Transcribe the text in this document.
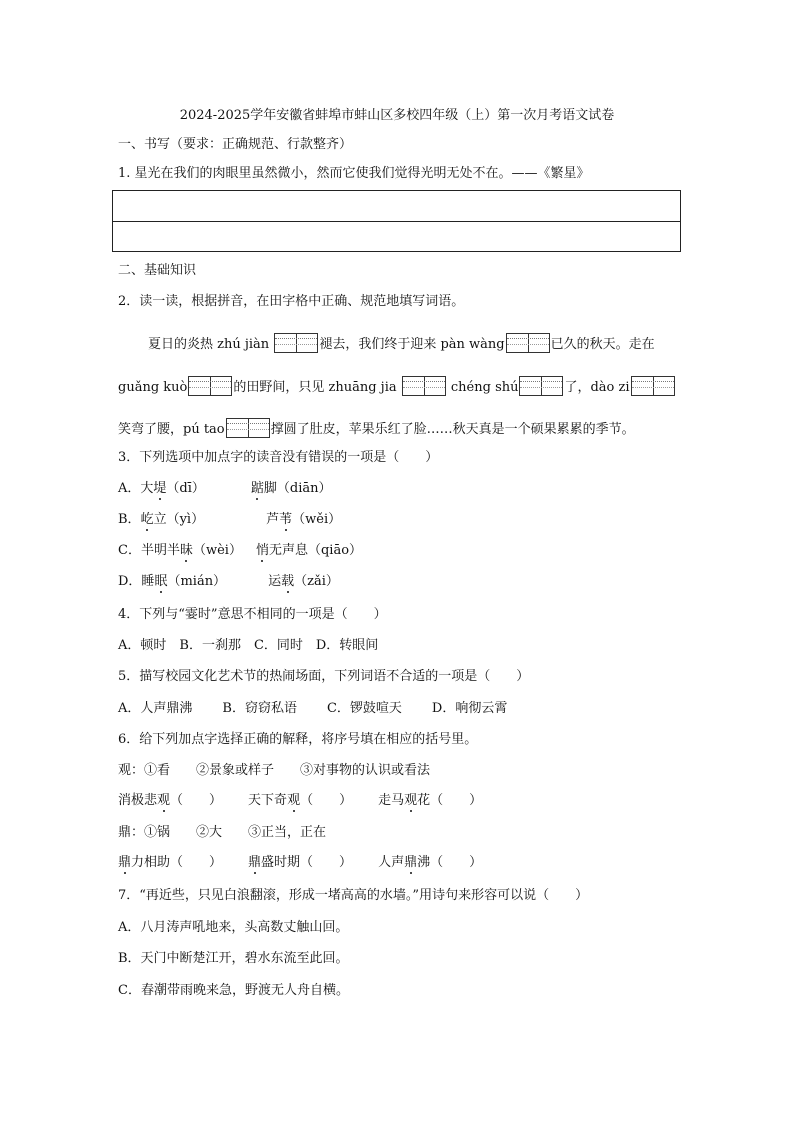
2024-2025学年安徽省蚌埠市蚌山区多校四年级（上）第一次月考语文试卷
一、书写（要求：正确规范、行款整齐）
1. 星光在我们的肉眼里虽然微小，然而它使我们觉得光明无处不在。——《繁星》
二、基础知识
2．读一读，根据拼音，在田字格中正确、规范地填写词语。
夏日的炎热 zhú jiàn	褪去，我们终于迎来 pàn wàng	已久的秋天。走在
guǎng kuò	的田野间，只见 zhuāng jia	chéng shú	了，dào zi
笑弯了腰，pú tao	撑圆了肚皮，苹果乐红了脸……秋天真是一个硕果累累的季节。
3．下列选项中加点字的读音没有错误的一项是（　　）
A．大堤（dī）	踮脚（diān）
B．屹立（yì）	芦苇（wěi）
C．半明半昧（wèi） 悄无声息（qiāo）
D．睡眠（mián）	运载（zǎi）
4．下列与“霎时”意思不相同的一项是（　　）
A．顿时　B．一刹那　C．同时　D．转眼间
5．描写校园文化艺术节的热闹场面，下列词语不合适的一项是（　　）
A．人声鼎沸 B．窃窃私语 C．锣鼓喧天 D．响彻云霄
6．给下列加点字选择正确的解释，将序号填在相应的括号里。
观：①看　　②景象或样子　　③对事物的认识或看法
消极悲观（　　） 天下奇观（　　） 走马观花（　　）
鼎：①锅　　②大　　③正当，正在
鼎力相助（　　） 鼎盛时期（　　） 人声鼎沸（　　）
7．“再近些，只见白浪翻滚，形成一堵高高的水墙。”用诗句来形容可以说（　　）
A．八月涛声吼地来，头高数丈触山回。
B．天门中断楚江开，碧水东流至此回。
C．春潮带雨晚来急，野渡无人舟自横。
